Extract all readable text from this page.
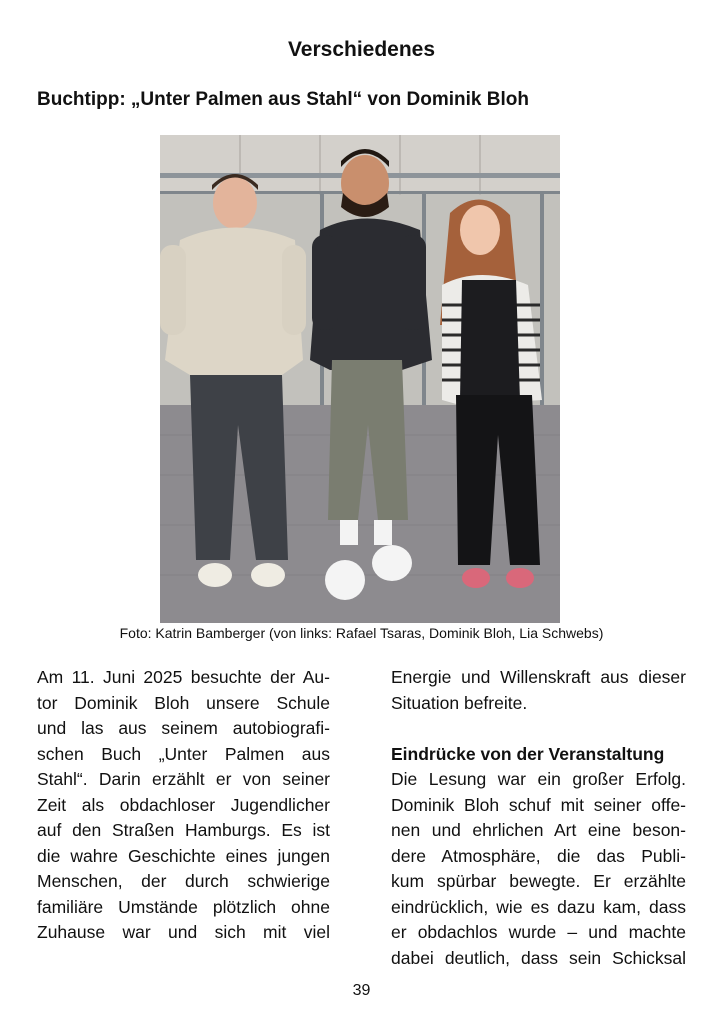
Verschiedenes
Buchtipp: „Unter Palmen aus Stahl“ von Dominik Bloh
Foto: Katrin Bamberger (von links: Rafael Tsaras, Dominik Bloh, Lia Schwebs)
Am 11. Juni 2025 besuchte der Au-
tor Dominik Bloh unsere Schule
und las aus seinem autobiografi-
schen Buch „Unter Palmen aus
Stahl“. Darin erzählt er von seiner
Zeit als obdachloser Jugendlicher
auf den Straßen Hamburgs. Es ist
die wahre Geschichte eines jungen
Menschen, der durch schwierige
familiäre Umstände plötzlich ohne
Zuhause war und sich mit viel
Energie und Willenskraft aus dieser
Situation befreite.
Eindrücke von der Veranstaltung
Die Lesung war ein großer Erfolg.
Dominik Bloh schuf mit seiner offe-
nen und ehrlichen Art eine beson-
dere Atmosphäre, die das Publi-
kum spürbar bewegte. Er erzählte
eindrücklich, wie es dazu kam, dass
er obdachlos wurde – und machte
dabei deutlich, dass sein Schicksal
39
